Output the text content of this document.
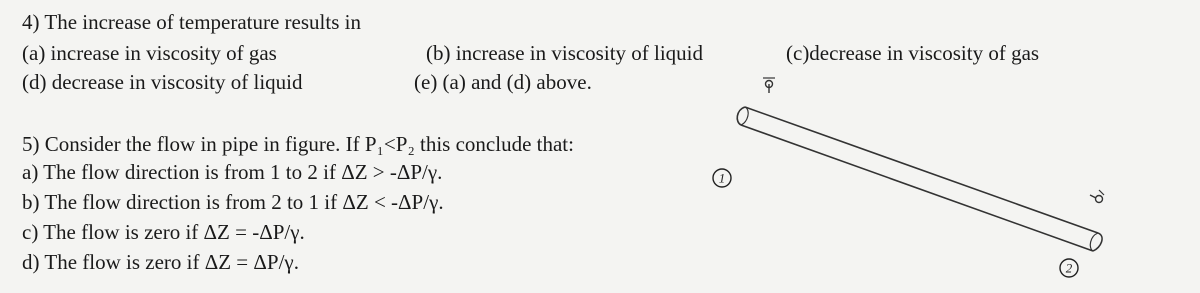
4) The increase of temperature results in
(a) increase in viscosity of gas	(b) increase in viscosity of liquid	(c)decrease in viscosity of gas
(d) decrease in viscosity of liquid	(e) (a) and (d) above.
5) Consider the flow in pipe in figure. If P₁<P₂ this conclude that:
a) The flow direction is from 1 to 2 if ΔZ > -ΔP/γ.
b) The flow direction is from 2 to 1 if ΔZ < -ΔP/γ.
c) The flow is zero if ΔZ = -ΔP/γ.
d) The flow is zero if ΔZ = ΔP/γ.
1
2
